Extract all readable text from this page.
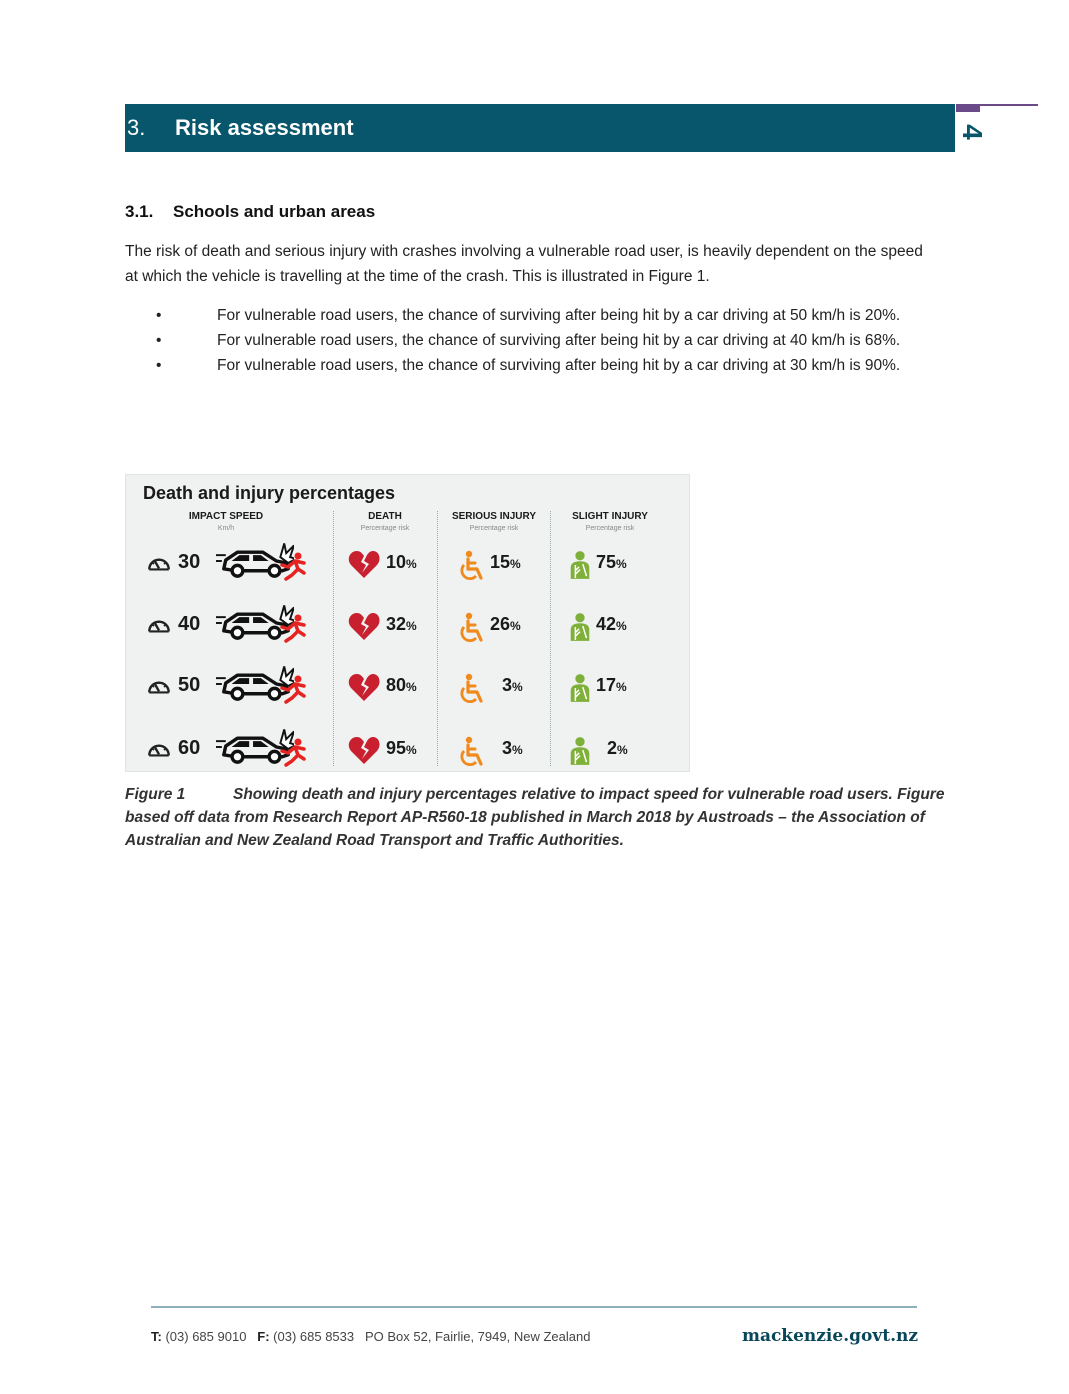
3.	Risk assessment	4
3.1.	Schools and urban areas

The risk of death and serious injury with crashes involving a vulnerable road user, is heavily dependent on the speed at which the vehicle is travelling at the time of the crash. This is illustrated in Figure 1.

•	For vulnerable road users, the chance of surviving after being hit by a car driving at 50 km/h is 20%.
•	For vulnerable road users, the chance of surviving after being hit by a car driving at 40 km/h is 68%.
•	For vulnerable road users, the chance of surviving after being hit by a car driving at 30 km/h is 90%.
Death and injury percentages
IMPACT SPEED
Km/h
DEATH
Percentage risk
SERIOUS INJURY
Percentage risk
SLIGHT INJURY
Percentage risk
30	10%	15%	75%
40	32%	26%	42%
50	80%	3%	17%
60	95%	3%	2%
Figure 1	Showing death and injury percentages relative to impact speed for vulnerable road users. Figure based off data from Research Report AP-R560-18 published in March 2018 by Austroads – the Association of Australian and New Zealand Road Transport and Traffic Authorities.
T: (03) 685 9010 F: (03) 685 8533 PO Box 52, Fairlie, 7949, New Zealand	mackenzie.govt.nz
